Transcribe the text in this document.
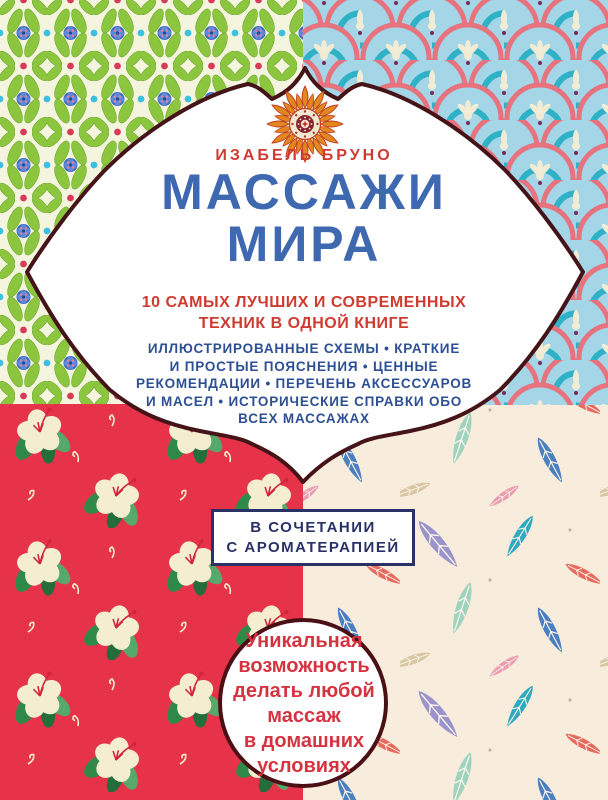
ИЗАБЕЛЬ БРУНО
МАССАЖИ
МИРА
10 САМЫХ ЛУЧШИХ И СОВРЕМЕННЫХ
ТЕХНИК В ОДНОЙ КНИГЕ
ИЛЛЮСТРИРОВАННЫЕ СХЕМЫ • КРАТКИЕ
И ПРОСТЫЕ ПОЯСНЕНИЯ • ЦЕННЫЕ
РЕКОМЕНДАЦИИ • ПЕРЕЧЕНЬ АКСЕССУАРОВ
И МАСЕЛ • ИСТОРИЧЕСКИЕ СПРАВКИ ОБО
ВСЕХ МАССАЖАХ
В СОЧЕТАНИИ
С АРОМАТЕРАПИЕЙ
Уникальная
возможность
делать любой
массаж
в домашних
условиях
